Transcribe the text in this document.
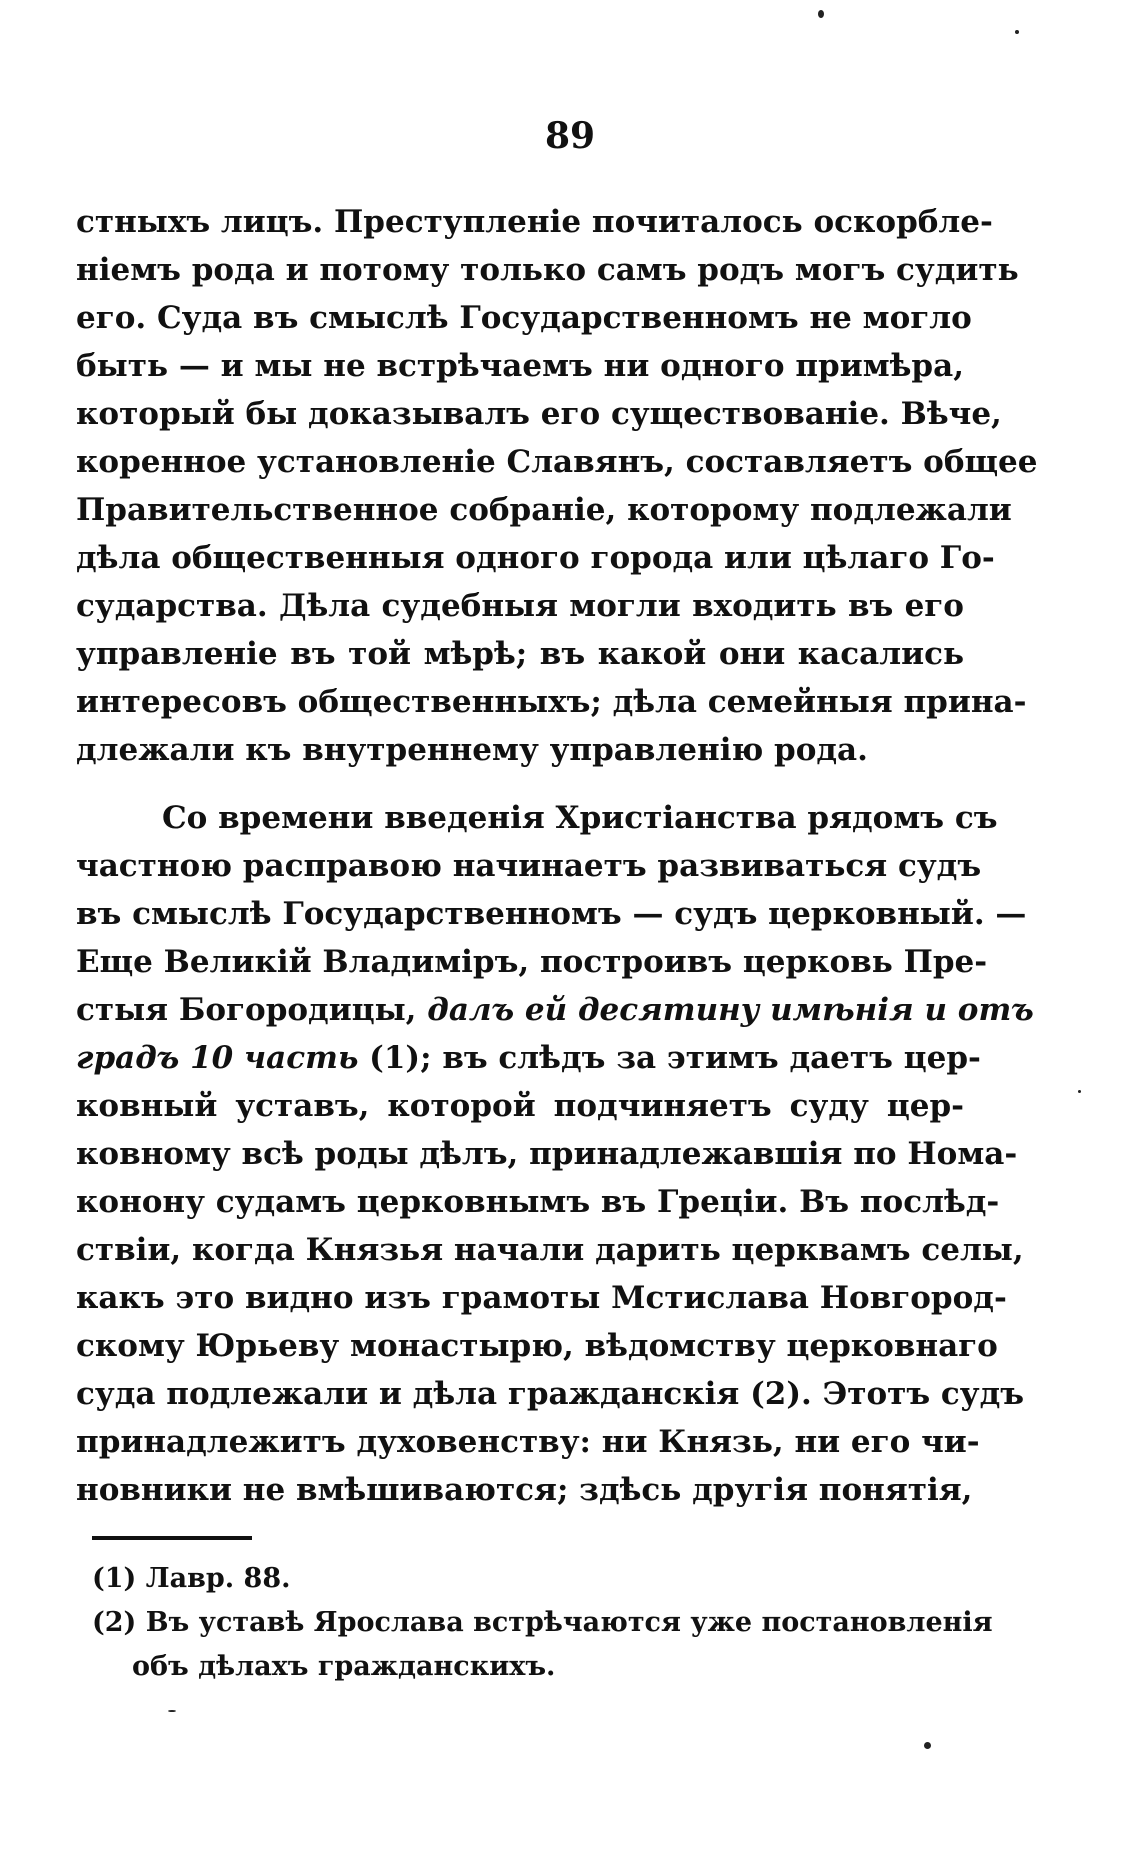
89
стныхъ лицъ. Преступленіе почиталось оскорбле-
ніемъ рода и потому только самъ родъ могъ судить
его. Суда въ смыслѣ Государственномъ не могло
быть — и мы не встрѣчаемъ ни одного примѣра,
который бы доказывалъ его существованіе. Вѣче,
коренное установленіе Славянъ, составляетъ общее
Правительственное собраніе, которому подлежали
дѣла общественныя одного города или цѣлаго Го-
сударства. Дѣла судебныя могли входить въ его
управленіе въ той мѣрѣ; въ какой они касались
интересовъ общественныхъ; дѣла семейныя прина-
длежали къ внутреннему управленію рода.
Со времени введенія Христіанства рядомъ съ
частною расправою начинаетъ развиваться судъ
въ смыслѣ Государственномъ — судъ церковный. —
Еще Великій Владиміръ, построивъ церковь Пре-
стыя Богородицы, далъ ей десятину имѣнія и отъ
градъ 10 часть (1); въ слѣдъ за этимъ даетъ цер-
ковный уставъ, которой подчиняетъ суду цер-
ковному всѣ роды дѣлъ, принадлежавшія по Нома-
конону судамъ церковнымъ въ Греціи. Въ послѣд-
ствіи, когда Князья начали дарить церквамъ селы,
какъ это видно изъ грамоты Мстислава Новгород-
скому Юрьеву монастырю, вѣдомству церковнаго
суда подлежали и дѣла гражданскія (2). Этотъ судъ
принадлежитъ духовенству: ни Князь, ни его чи-
новники не вмѣшиваются; здѣсь другія понятія,
(1) Лавр. 88.
(2) Въ уставѣ Ярослава встрѣчаются уже постановленія
объ дѣлахъ гражданскихъ.
